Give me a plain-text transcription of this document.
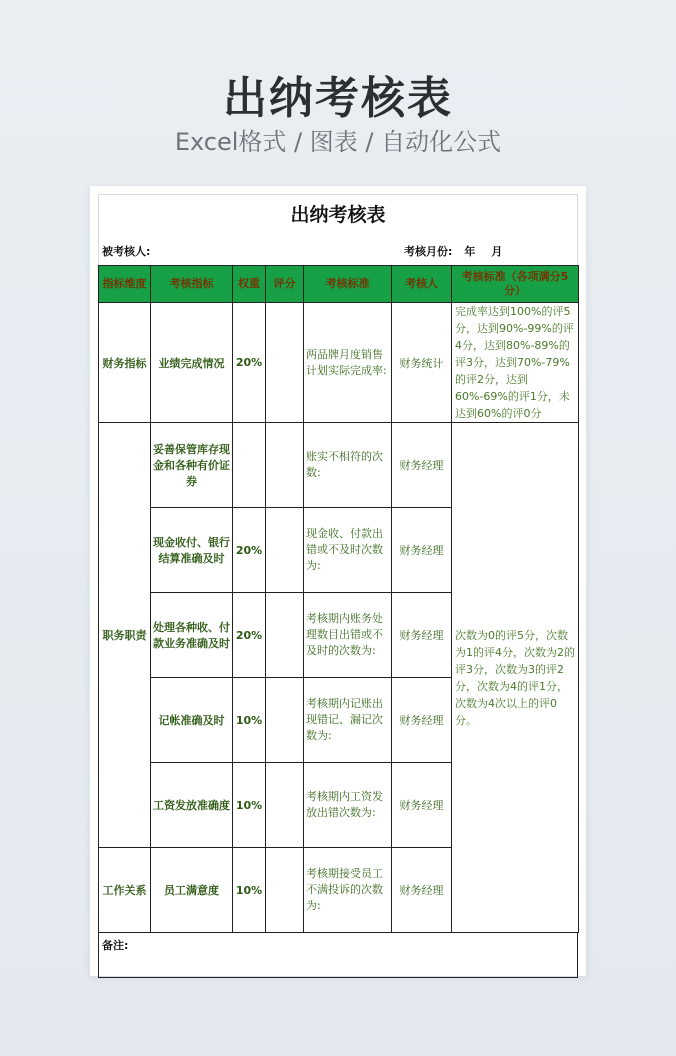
出纳考核表
Excel格式 / 图表 / 自动化公式
出纳考核表
被考核人:	考核月份: 年 月
指标维度	考核指标	权重	评分	考核标准	考核人	考核标准（各项满分5分）
财务指标	业绩完成情况	20%		两品牌月度销售计划实际完成率:	财务统计	完成率达到100%的评5分，达到90%-99%的评4分，达到80%-89%的评3分，达到70%-79%的评2分，达到60%-69%的评1分，未达到60%的评0分
职务职责	妥善保管库存现金和各种有价证券			账实不相符的次数:	财务经理	次数为0的评5分，次数为1的评4分，次数为2的评3分，次数为3的评2分，次数为4的评1分，次数为4次以上的评0分。
	现金收付、银行结算准确及时	20%		现金收、付款出错或不及时次数为:	财务经理	
	处理各种收、付款业务准确及时	20%		考核期内账务处理数目出错或不及时的次数为:	财务经理	
	记帐准确及时	10%		考核期内记账出现错记、漏记次数为:	财务经理	
	工资发放准确度	10%		考核期内工资发放出错次数为:	财务经理	
工作关系	员工满意度	10%		考核期接受员工不满投诉的次数为:	财务经理	
备注:
